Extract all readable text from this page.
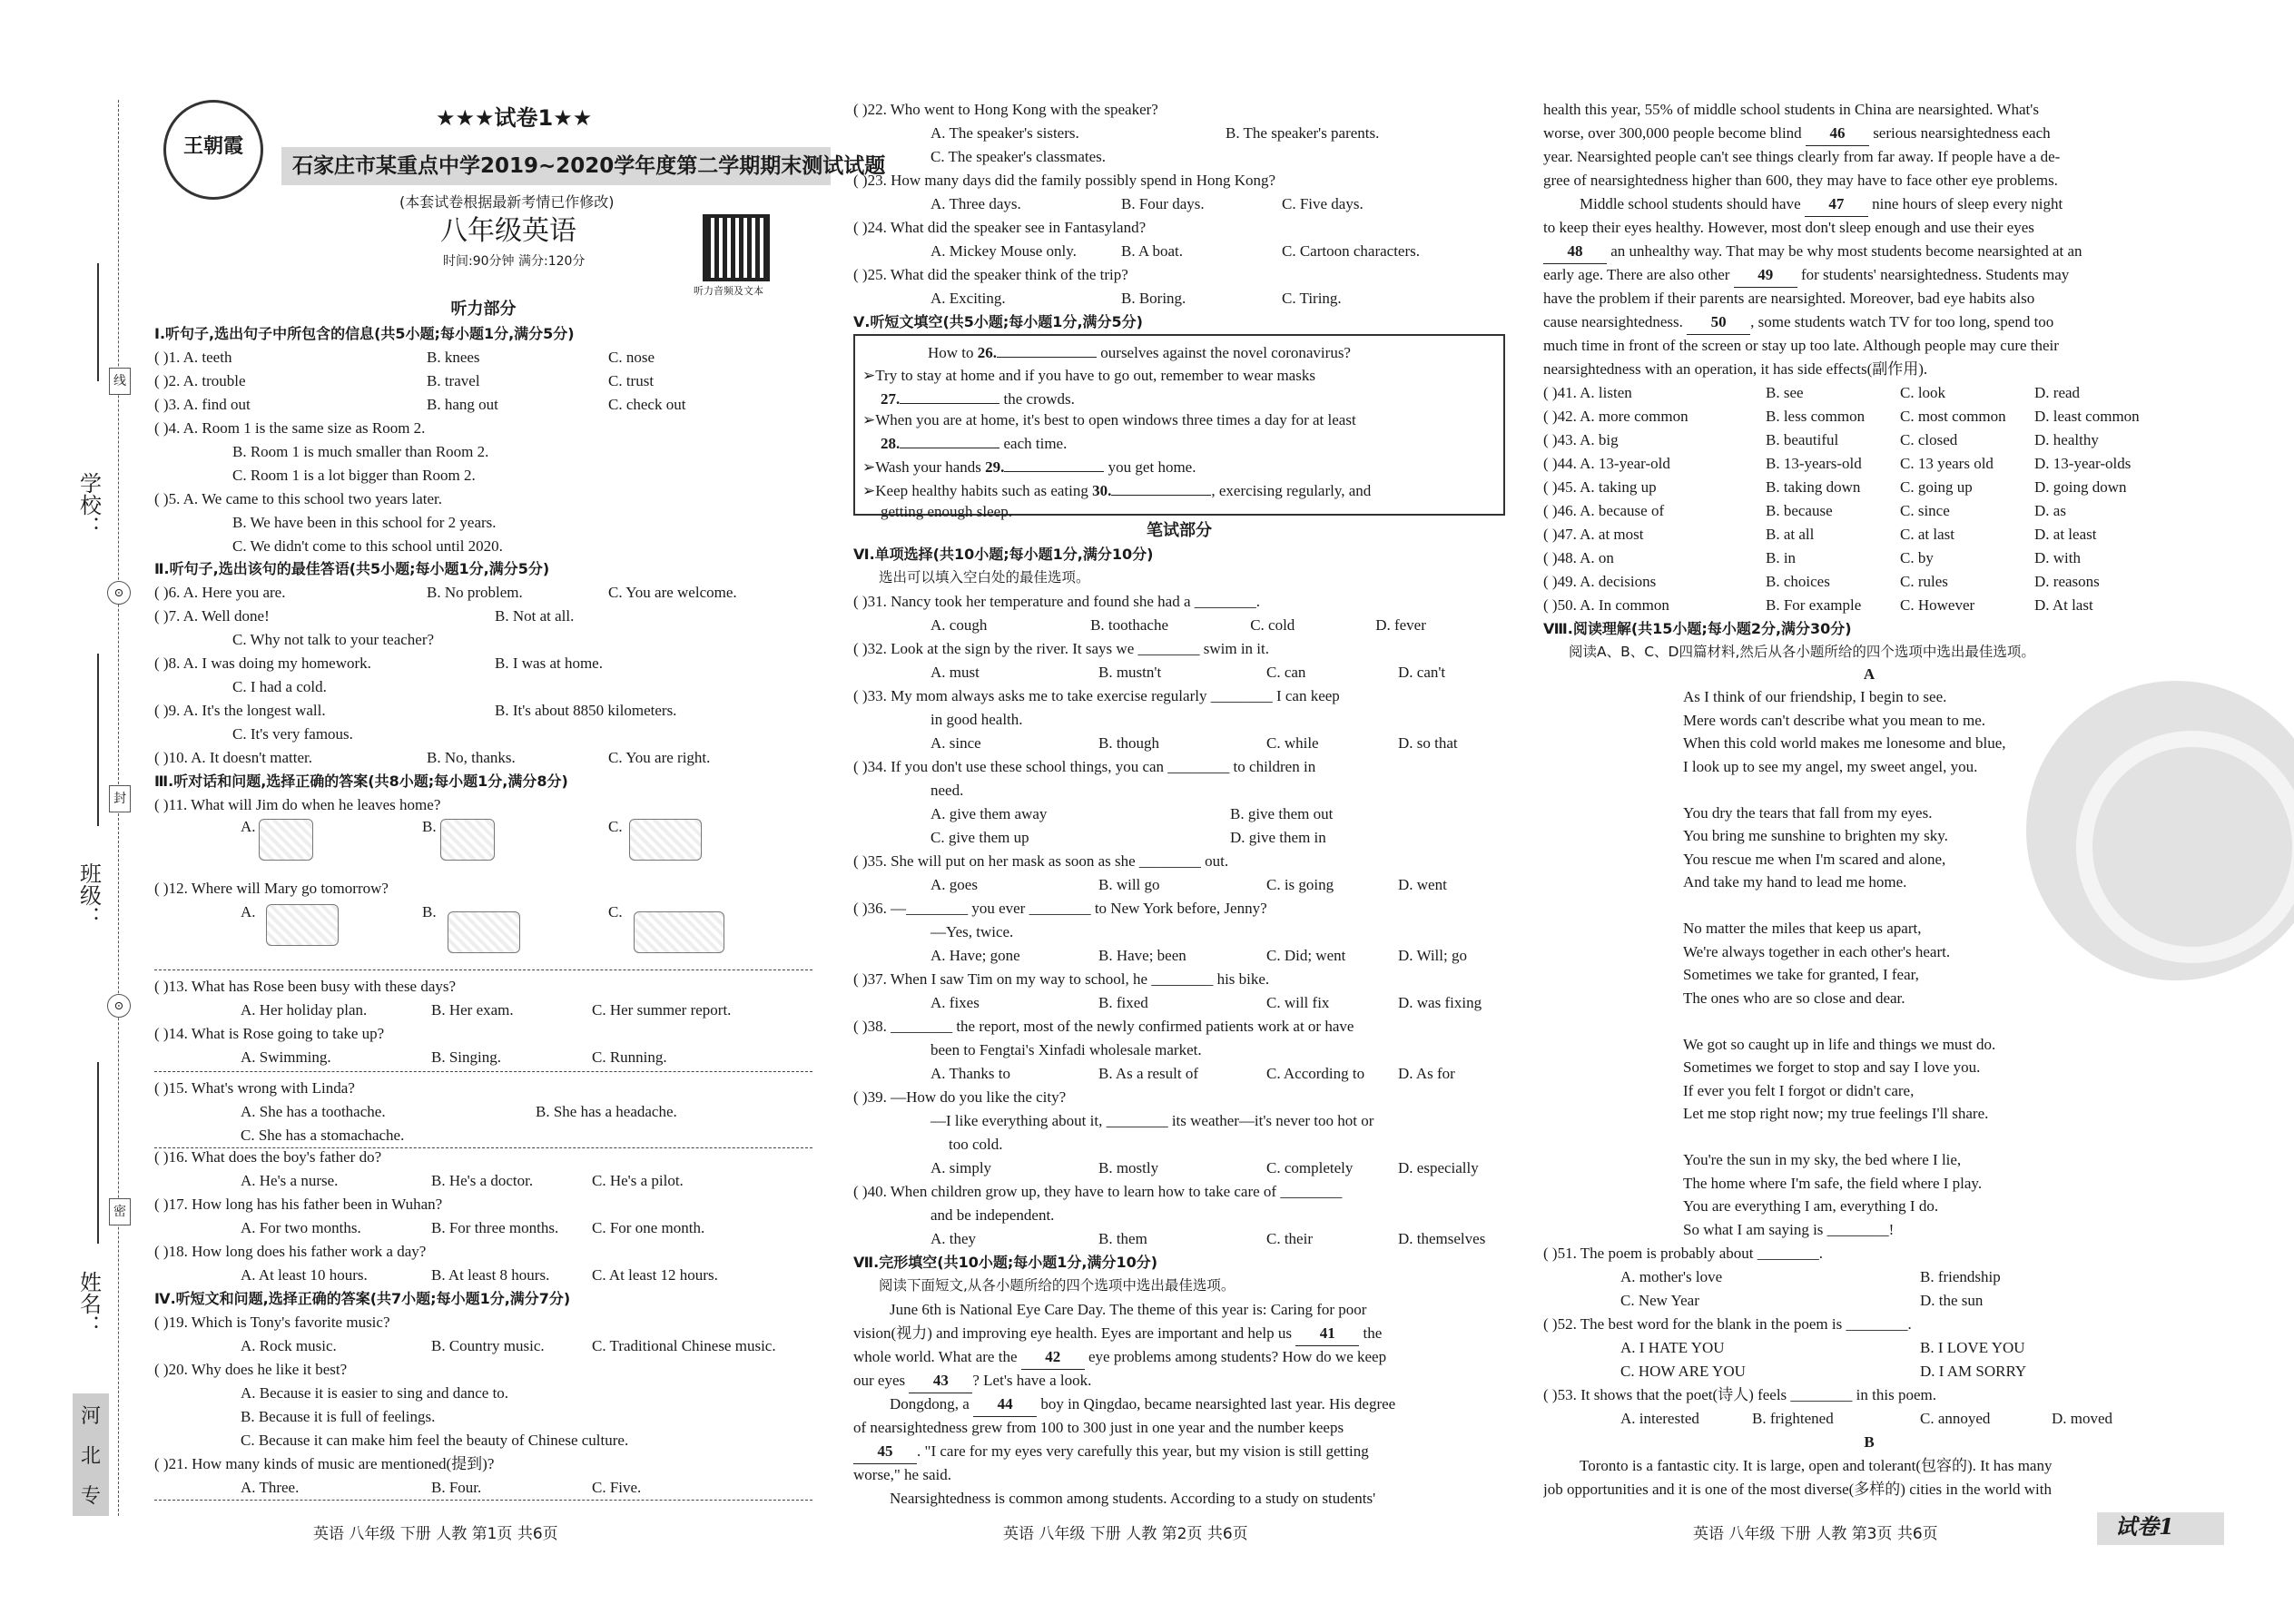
学校：
班级：
姓名：
线
⊙
封
⊙
密
河
北
专
王朝霞
★★★试卷1★★
石家庄市某重点中学2019~2020学年度第二学期期末测试试题
(本套试卷根据最新考情已作修改)
八年级英语
时间:90分钟 满分:120分
听力音频及文本
听力部分
Ⅰ.听句子,选出句子中所包含的信息(共5小题;每小题1分,满分5分)
( )1. A. teeth	B. knees	C. nose
( )2. A. trouble	B. travel	C. trust
( )3. A. find out	B. hang out	C. check out
( )4. A. Room 1 is the same size as Room 2.
B. Room 1 is much smaller than Room 2.
C. Room 1 is a lot bigger than Room 2.
( )5. A. We came to this school two years later.
B. We have been in this school for 2 years.
C. We didn't come to this school until 2020.
Ⅱ.听句子,选出该句的最佳答语(共5小题;每小题1分,满分5分)
( )6. A. Here you are.	B. No problem.	C. You are welcome.
( )7. A. Well done!	B. Not at all.
C. Why not talk to your teacher?
( )8. A. I was doing my homework.	B. I was at home.
C. I had a cold.
( )9. A. It's the longest wall.	B. It's about 8850 kilometers.
C. It's very famous.
( )10. A. It doesn't matter.	B. No, thanks.	C. You are right.
Ⅲ.听对话和问题,选择正确的答案(共8小题;每小题1分,满分8分)
( )11. What will Jim do when he leaves home?
A.	B.	C.
( )12. Where will Mary go tomorrow?
A.	B.	C.
( )13. What has Rose been busy with these days?
A. Her holiday plan.	B. Her exam.	C. Her summer report.
( )14. What is Rose going to take up?
A. Swimming.	B. Singing.	C. Running.
( )15. What's wrong with Linda?
A. She has a toothache.	B. She has a headache.
C. She has a stomachache.
( )16. What does the boy's father do?
A. He's a nurse.	B. He's a doctor.	C. He's a pilot.
( )17. How long has his father been in Wuhan?
A. For two months.	B. For three months.	C. For one month.
( )18. How long does his father work a day?
A. At least 10 hours.	B. At least 8 hours.	C. At least 12 hours.
Ⅳ.听短文和问题,选择正确的答案(共7小题;每小题1分,满分7分)
( )19. Which is Tony's favorite music?
A. Rock music.	B. Country music.	C. Traditional Chinese music.
( )20. Why does he like it best?
A. Because it is easier to sing and dance to.
B. Because it is full of feelings.
C. Because it can make him feel the beauty of Chinese culture.
( )21. How many kinds of music are mentioned(提到)?
A. Three.	B. Four.	C. Five.
英语 八年级 下册 人教 第1页 共6页
( )22. Who went to Hong Kong with the speaker?
A. The speaker's sisters.	B. The speaker's parents.
C. The speaker's classmates.
( )23. How many days did the family possibly spend in Hong Kong?
A. Three days.	B. Four days.	C. Five days.
( )24. What did the speaker see in Fantasyland?
A. Mickey Mouse only.	B. A boat.	C. Cartoon characters.
( )25. What did the speaker think of the trip?
A. Exciting.	B. Boring.	C. Tiring.
Ⅴ.听短文填空(共5小题;每小题1分,满分5分)
How to 26.	ourselves against the novel coronavirus?
➢Try to stay at home and if you have to go out, remember to wear masks
27.	the crowds.
➢When you are at home, it's best to open windows three times a day for at least
28.	each time.
➢Wash your hands 29.	you get home.
➢Keep healthy habits such as eating 30.	, exercising regularly, and
getting enough sleep.
笔试部分
Ⅵ.单项选择(共10小题;每小题1分,满分10分)
选出可以填入空白处的最佳选项。
( )31. Nancy took her temperature and found she had a ________.
A. cough	B. toothache	C. cold	D. fever
( )32. Look at the sign by the river. It says we ________ swim in it.
A. must	B. mustn't	C. can	D. can't
( )33. My mom always asks me to take exercise regularly ________ I can keep
in good health.
A. since	B. though	C. while	D. so that
( )34. If you don't use these school things, you can ________ to children in
need.
A. give them away	B. give them out
C. give them up	D. give them in
( )35. She will put on her mask as soon as she ________ out.
A. goes	B. will go	C. is going	D. went
( )36. —________ you ever ________ to New York before, Jenny?
—Yes, twice.
A. Have; gone	B. Have; been	C. Did; went	D. Will; go
( )37. When I saw Tim on my way to school, he ________ his bike.
A. fixes	B. fixed	C. will fix	D. was fixing
( )38. ________ the report, most of the newly confirmed patients work at or have
been to Fengtai's Xinfadi wholesale market.
A. Thanks to	B. As a result of	C. According to	D. As for
( )39. —How do you like the city?
—I like everything about it, ________ its weather—it's never too hot or
too cold.
A. simply	B. mostly	C. completely	D. especially
( )40. When children grow up, they have to learn how to take care of ________
and be independent.
A. they	B. them	C. their	D. themselves
Ⅶ.完形填空(共10小题;每小题1分,满分10分)
阅读下面短文,从各小题所给的四个选项中选出最佳选项。
June 6th is National Eye Care Day. The theme of this year is: Caring for poor
vision(视力) and improving eye health. Eyes are important and help us 41 the
whole world. What are the 42 eye problems among students? How do we keep
our eyes 43 ? Let's have a look.
Dongdong, a 44 boy in Qingdao, became nearsighted last year. His degree
of nearsightedness grew from 100 to 300 just in one year and the number keeps
45 . "I care for my eyes very carefully this year, but my vision is still getting
worse," he said.
Nearsightedness is common among students. According to a study on students'
英语 八年级 下册 人教 第2页 共6页
health this year, 55% of middle school students in China are nearsighted. What's
worse, over 300,000 people become blind 46 serious nearsightedness each
year. Nearsighted people can't see things clearly from far away. If people have a de-
gree of nearsightedness higher than 600, they may have to face other eye problems.
Middle school students should have 47 nine hours of sleep every night
to keep their eyes healthy. However, most don't sleep enough and use their eyes
48 an unhealthy way. That may be why most students become nearsighted at an
early age. There are also other 49 for students' nearsightedness. Students may
have the problem if their parents are nearsighted. Moreover, bad eye habits also
cause nearsightedness. 50 , some students watch TV for too long, spend too
much time in front of the screen or stay up too late. Although people may cure their
nearsightedness with an operation, it has side effects(副作用).
( )41. A. listen	B. see	C. look	D. read
( )42. A. more common	B. less common	C. most common	D. least common
( )43. A. big	B. beautiful	C. closed	D. healthy
( )44. A. 13-year-old	B. 13-years-old	C. 13 years old	D. 13-year-olds
( )45. A. taking up	B. taking down	C. going up	D. going down
( )46. A. because of	B. because	C. since	D. as
( )47. A. at most	B. at all	C. at last	D. at least
( )48. A. on	B. in	C. by	D. with
( )49. A. decisions	B. choices	C. rules	D. reasons
( )50. A. In common	B. For example	C. However	D. At last
Ⅷ.阅读理解(共15小题;每小题2分,满分30分)
阅读A、B、C、D四篇材料,然后从各小题所给的四个选项中选出最佳选项。
A
As I think of our friendship, I begin to see.
Mere words can't describe what you mean to me.
When this cold world makes me lonesome and blue,
I look up to see my angel, my sweet angel, you.
You dry the tears that fall from my eyes.
You bring me sunshine to brighten my sky.
You rescue me when I'm scared and alone,
And take my hand to lead me home.
No matter the miles that keep us apart,
We're always together in each other's heart.
Sometimes we take for granted, I fear,
The ones who are so close and dear.
We got so caught up in life and things we must do.
Sometimes we forget to stop and say I love you.
If ever you felt I forgot or didn't care,
Let me stop right now; my true feelings I'll share.
You're the sun in my sky, the bed where I lie,
The home where I'm safe, the field where I play.
You are everything I am, everything I do.
So what I am saying is ________!
( )51. The poem is probably about ________.
A. mother's love	B. friendship
C. New Year	D. the sun
( )52. The best word for the blank in the poem is ________.
A. I HATE YOU	B. I LOVE YOU
C. HOW ARE YOU	D. I AM SORRY
( )53. It shows that the poet(诗人) feels ________ in this poem.
A. interested	B. frightened	C. annoyed	D. moved
B
Toronto is a fantastic city. It is large, open and tolerant(包容的). It has many
job opportunities and it is one of the most diverse(多样的) cities in the world with
英语 八年级 下册 人教 第3页 共6页	试卷1
